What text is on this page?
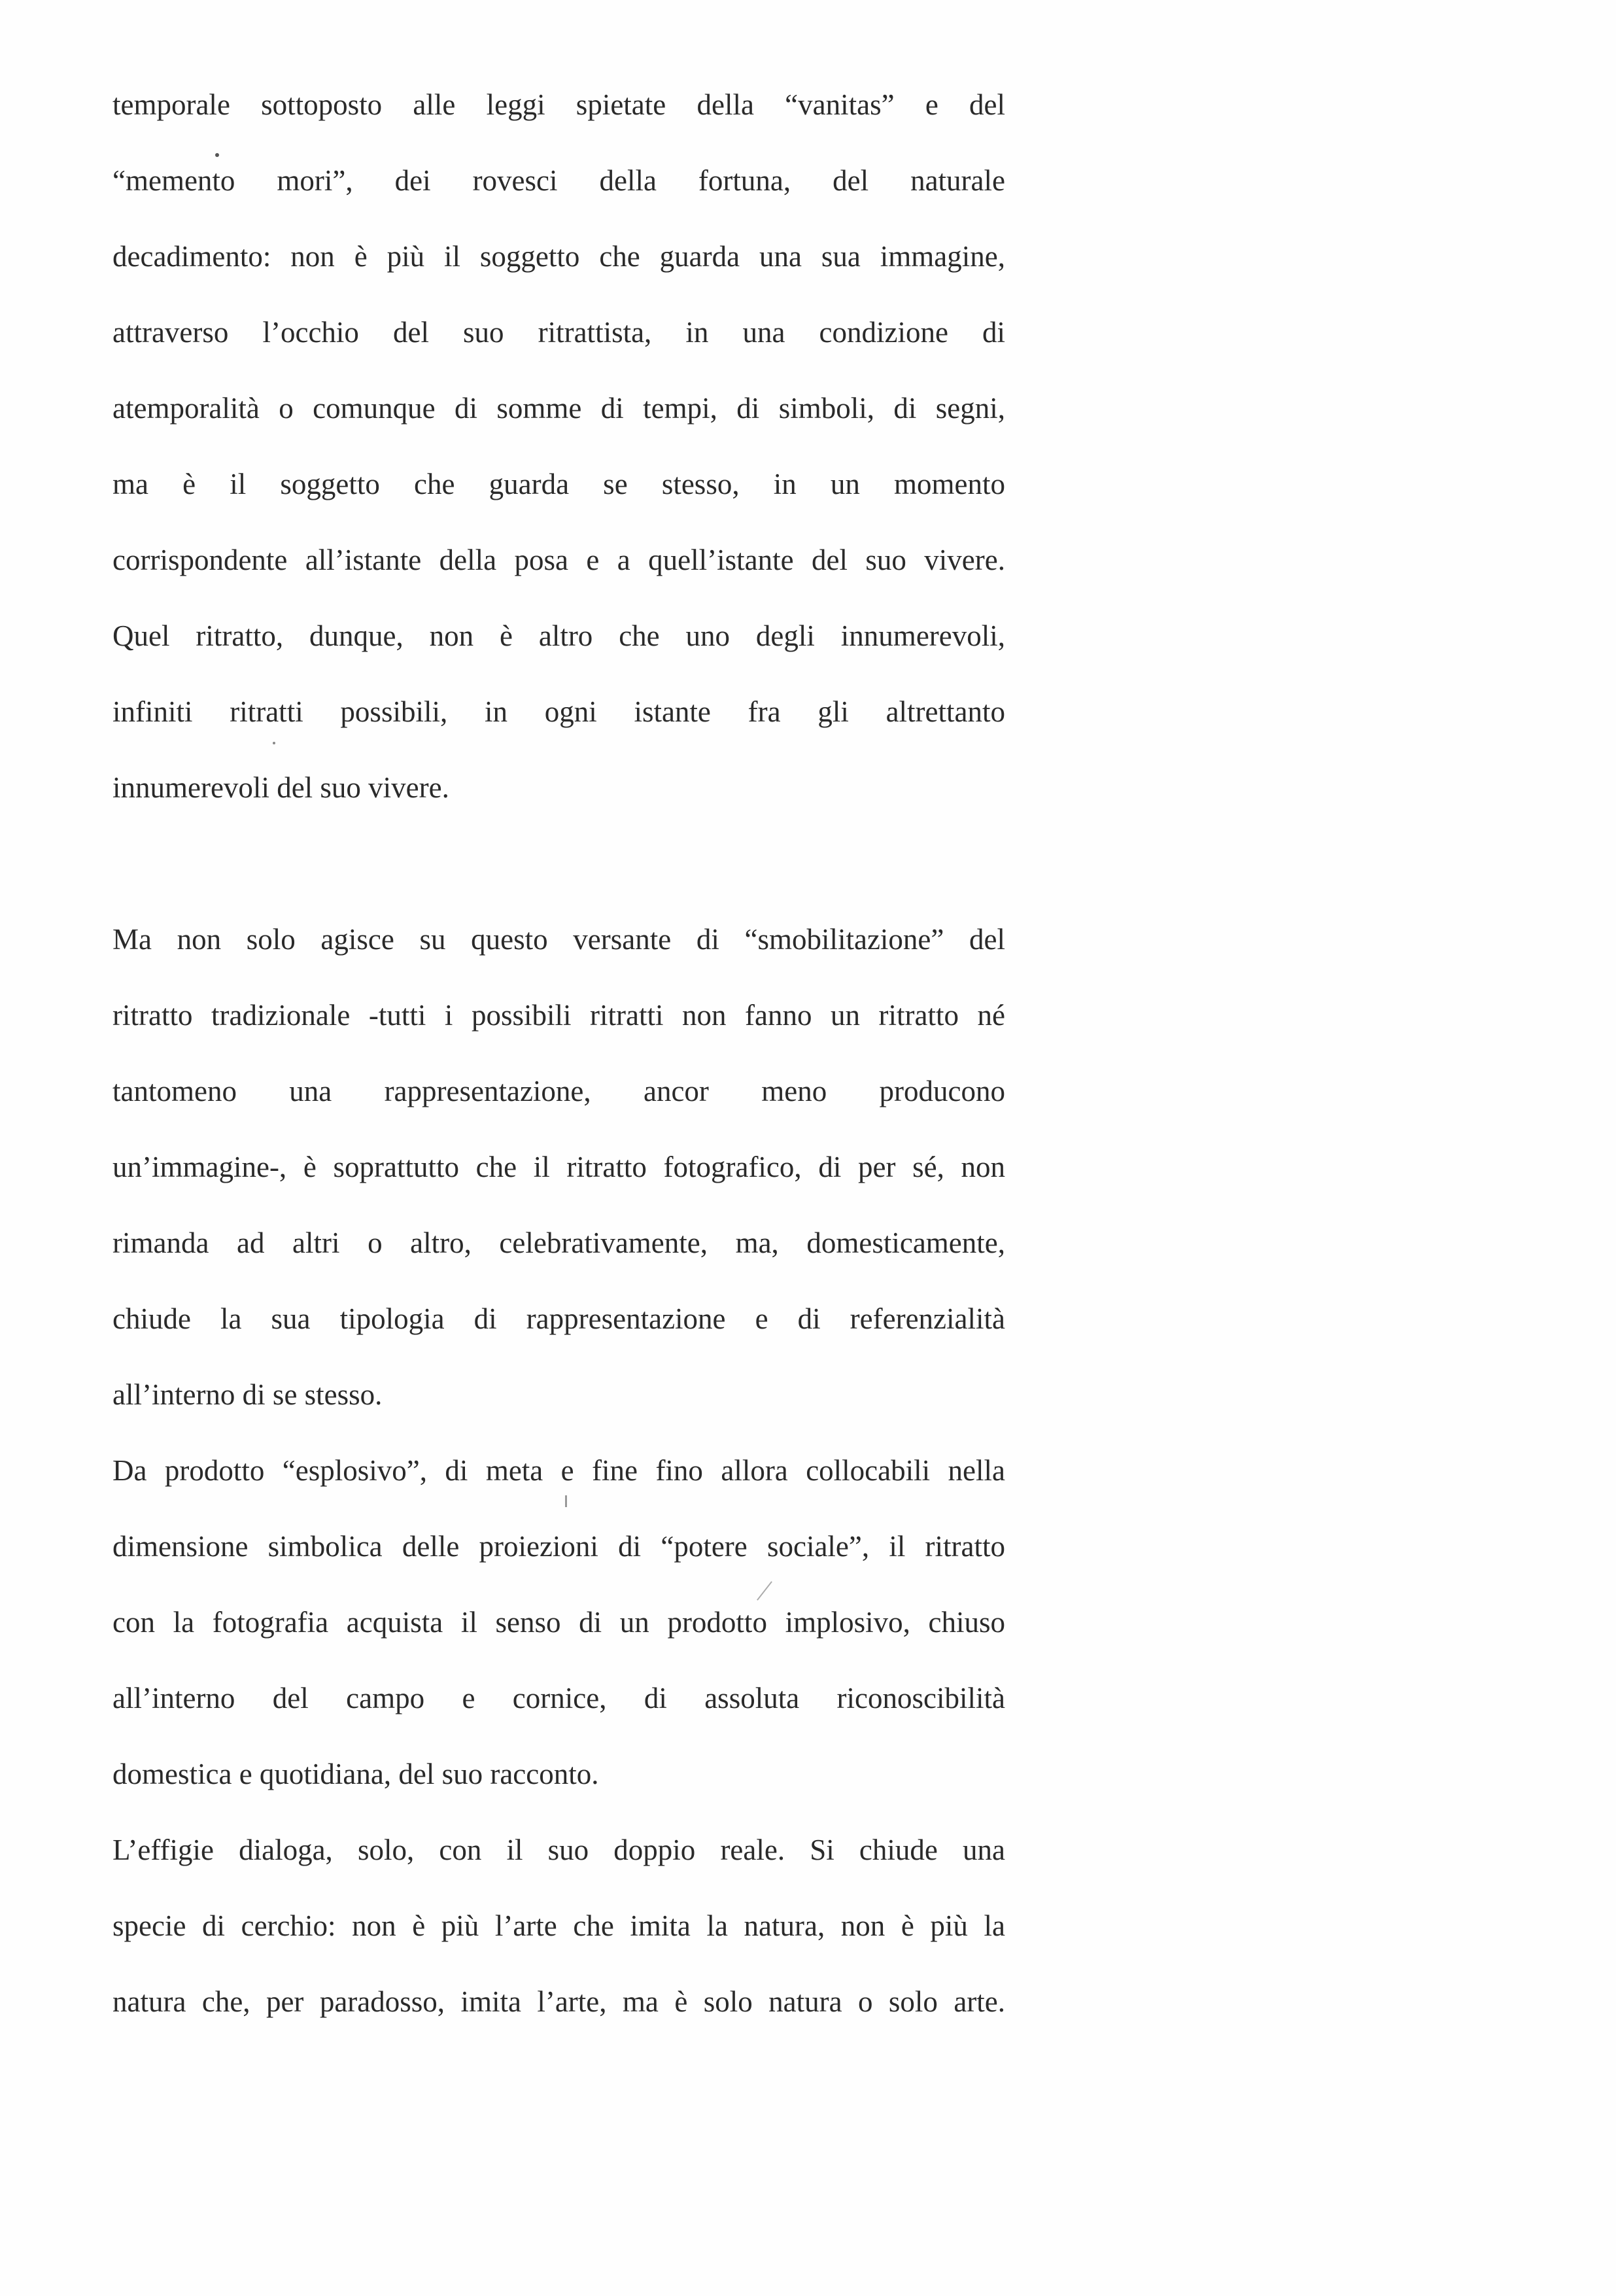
temporale sottoposto alle leggi spietate della “vanitas” e del
“memento mori”, dei rovesci della fortuna, del naturale
decadimento: non è più il soggetto che guarda una sua immagine,
attraverso l’occhio del suo ritrattista, in una condizione di
atemporalità o comunque di somme di tempi, di simboli, di segni,
ma è il soggetto che guarda se stesso, in un momento
corrispondente all’istante della posa e a quell’istante del suo vivere.
Quel ritratto, dunque, non è altro che uno degli innumerevoli,
infiniti ritratti possibili, in ogni istante fra gli altrettanto
innumerevoli del suo vivere.
Ma non solo agisce su questo versante di “smobilitazione” del
ritratto tradizionale -tutti i possibili ritratti non fanno un ritratto né
tantomeno una rappresentazione, ancor meno producono
un’immagine-, è soprattutto che il ritratto fotografico, di per sé, non
rimanda ad altri o altro, celebrativamente, ma, domesticamente,
chiude la sua tipologia di rappresentazione e di referenzialità
all’interno di se stesso.
Da prodotto “esplosivo”, di meta e fine fino allora collocabili nella
dimensione simbolica delle proiezioni di “potere sociale”, il ritratto
con la fotografia acquista il senso di un prodotto implosivo, chiuso
all’interno del campo e cornice, di assoluta riconoscibilità
domestica e quotidiana, del suo racconto.
L’effigie dialoga, solo, con il suo doppio reale. Si chiude una
specie di cerchio: non è più l’arte che imita la natura, non è più la
natura che, per paradosso, imita l’arte, ma è solo natura o solo arte.
